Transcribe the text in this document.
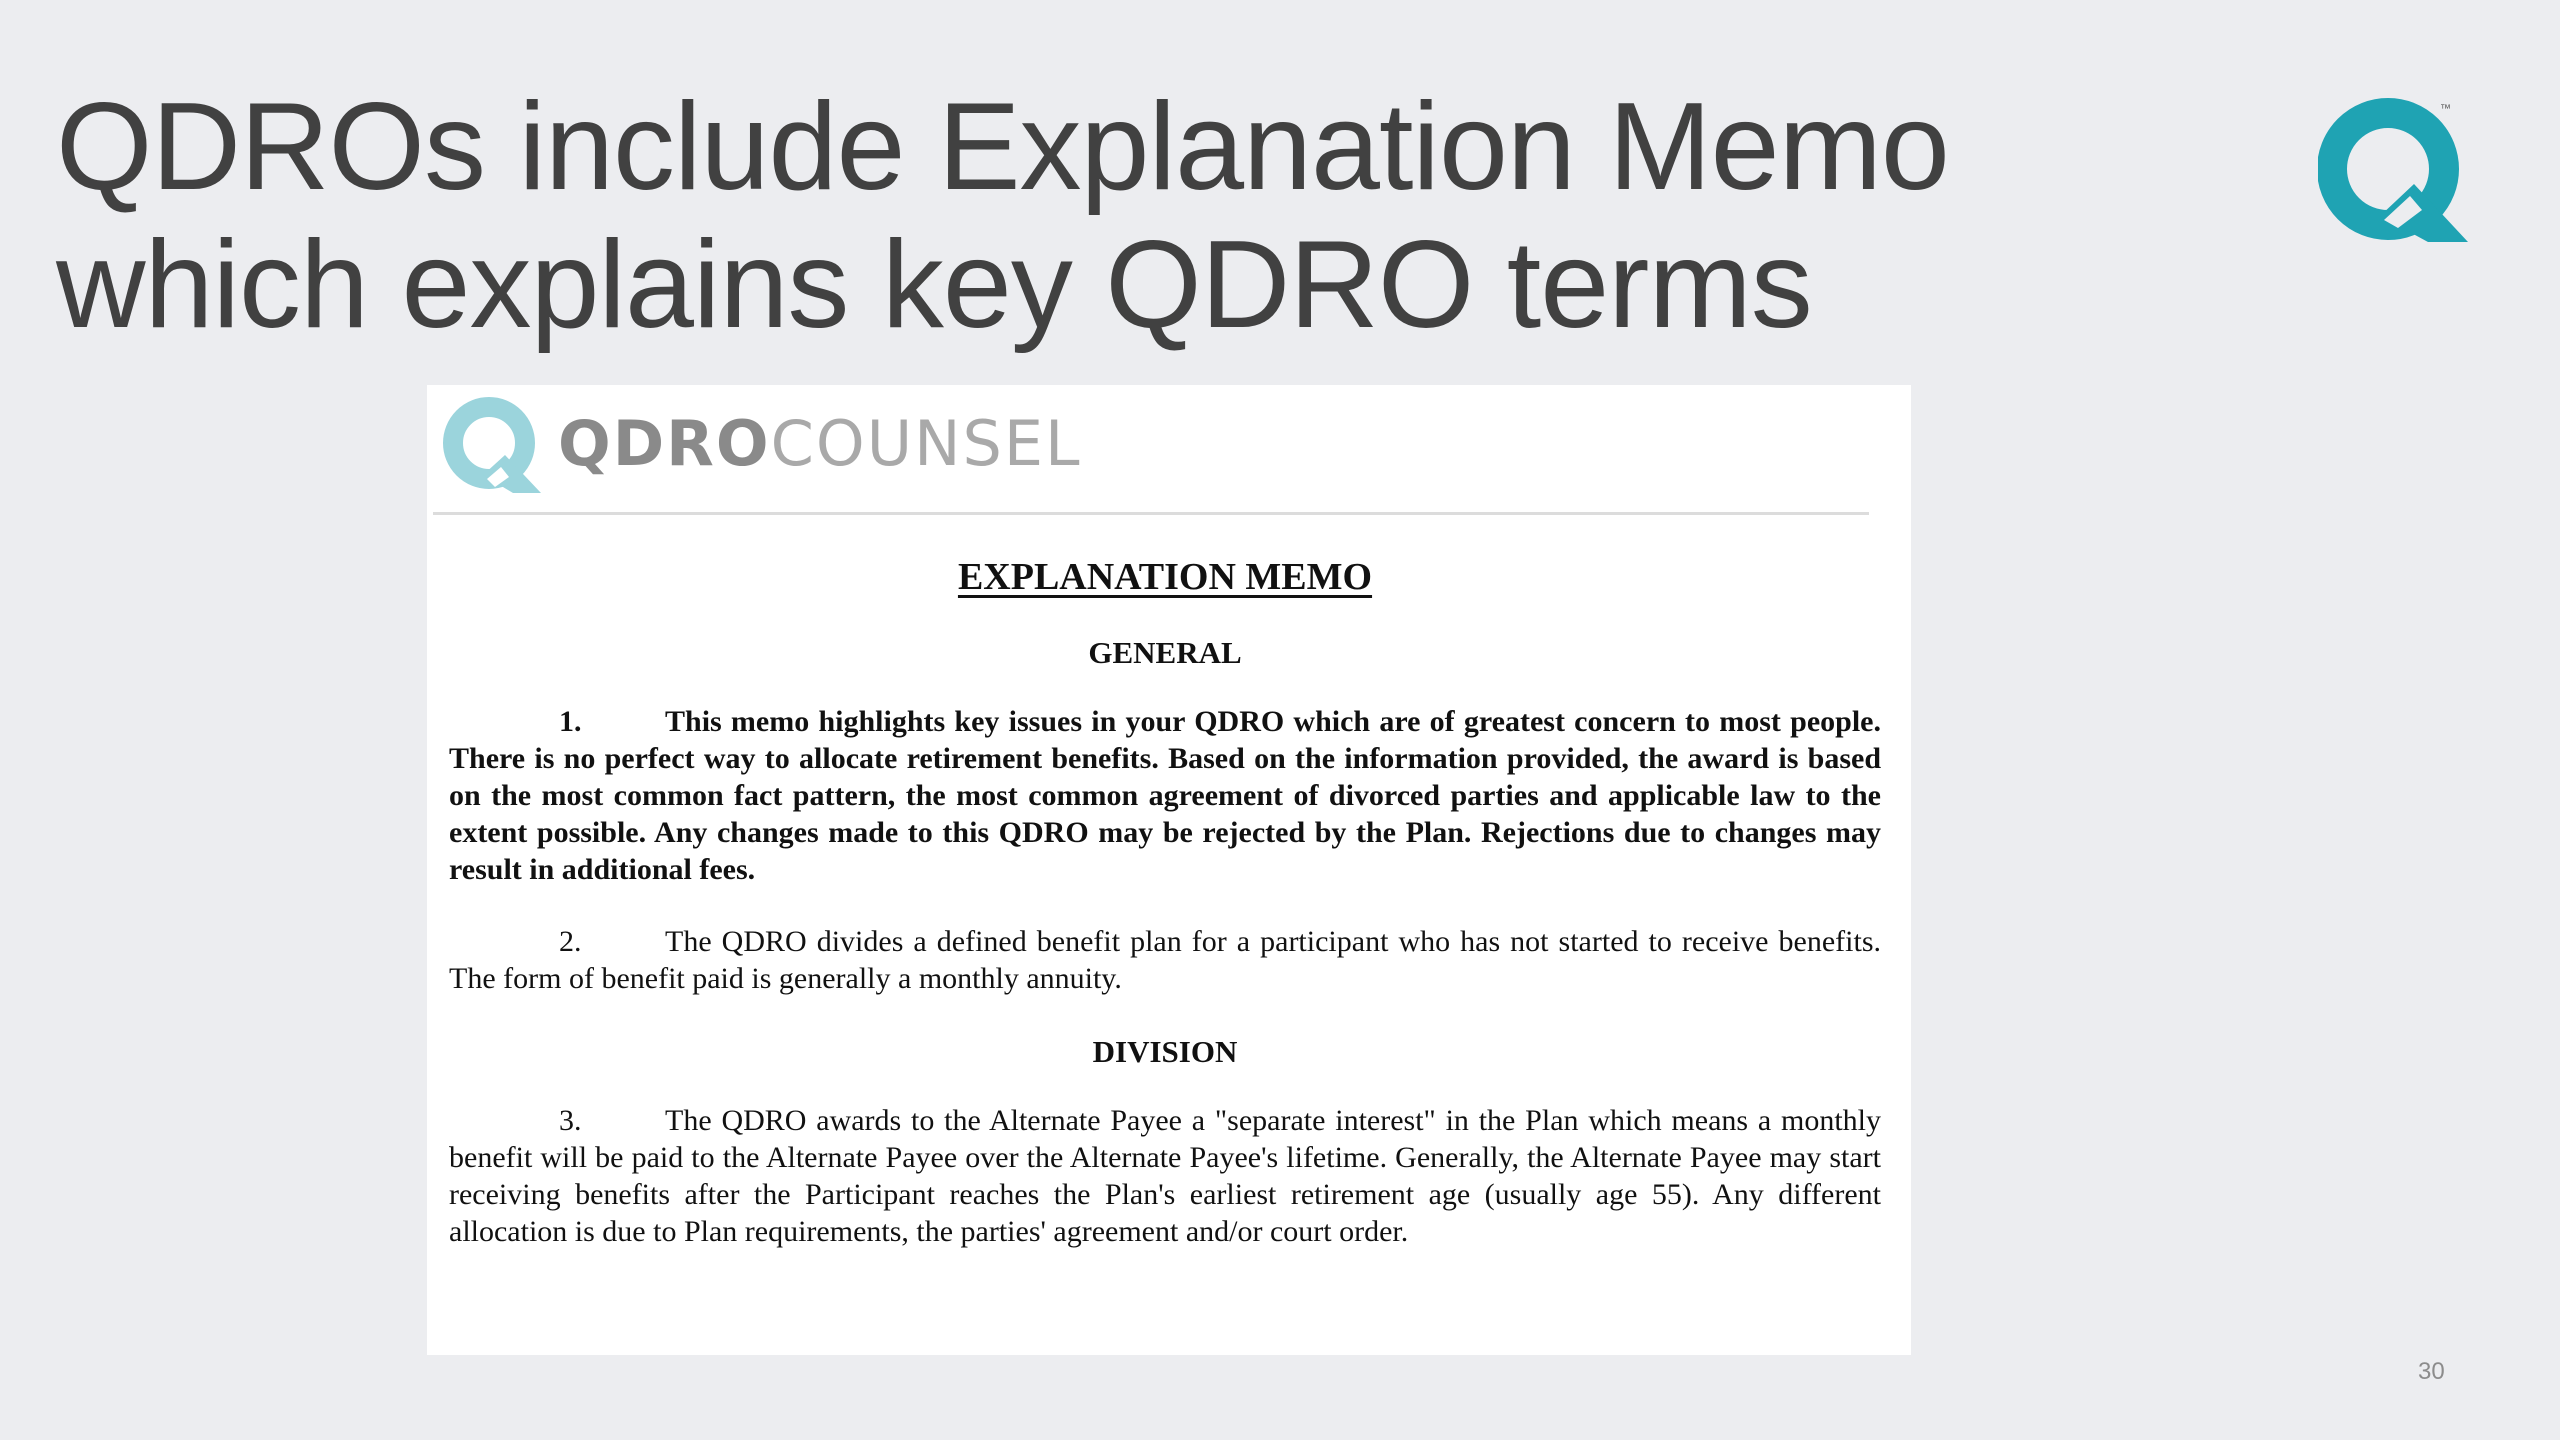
QDROs include Explanation Memo
which explains key QDRO terms
™
QDROCOUNSEL
EXPLANATION MEMO
GENERAL

1.	This memo highlights key issues in your QDRO which are of greatest concern to most people. There is no perfect way to allocate retirement benefits. Based on the information provided, the award is based on the most common fact pattern, the most common agreement of divorced parties and applicable law to the extent possible. Any changes made to this QDRO may be rejected by the Plan. Rejections due to changes may result in additional fees.

2.	The QDRO divides a defined benefit plan for a participant who has not started to receive benefits. The form of benefit paid is generally a monthly annuity.

DIVISION

3.	The QDRO awards to the Alternate Payee a "separate interest" in the Plan which means a monthly benefit will be paid to the Alternate Payee over the Alternate Payee's lifetime. Generally, the Alternate Payee may start receiving benefits after the Participant reaches the Plan's earliest retirement age (usually age 55). Any different allocation is due to Plan requirements, the parties' agreement and/or court order.

30
